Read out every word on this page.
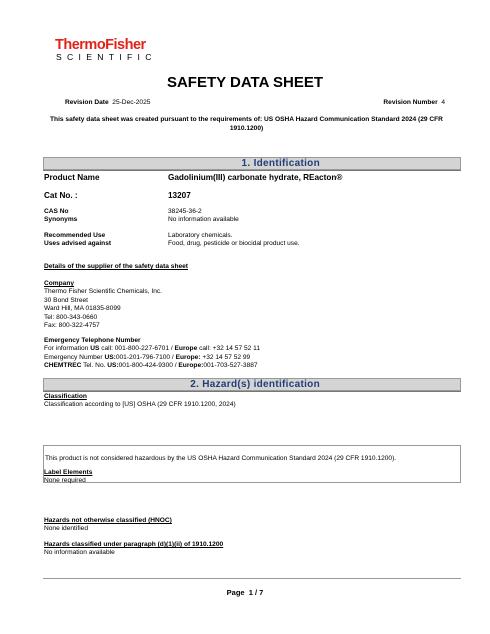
ThermoFisher
SCIENTIFIC
SAFETY DATA SHEET
Revision Date 25-Dec-2025	Revision Number 4
This safety data sheet was created pursuant to the requirements of: US OSHA Hazard Communication Standard 2024 (29 CFR 1910.1200)
1. Identification
Product Name	Gadolinium(III) carbonate hydrate, REacton®
Cat No. :	13207
CAS No	38245-36-2
Synonyms	No information available
Recommended Use	Laboratory chemicals.
Uses advised against	Food, drug, pesticide or biocidal product use.
Details of the supplier of the safety data sheet
Company
Thermo Fisher Scientific Chemicals, Inc.
30 Bond Street
Ward Hill, MA 01835-8099
Tel: 800-343-0660
Fax: 800-322-4757
Emergency Telephone Number
For information US call: 001-800-227-6701 / Europe call: +32 14 57 52 11
Emergency Number US:001-201-796-7100 / Europe: +32 14 57 52 99
CHEMTREC Tel. No. US:001-800-424-9300 / Europe:001-703-527-3887
2. Hazard(s) identification
Classification
Classification according to [US] OSHA (29 CFR 1910.1200, 2024)
This product is not considered hazardous by the US OSHA Hazard Communication Standard 2024 (29 CFR 1910.1200).
Label Elements
None required
Hazards not otherwise classified (HNOC)
None identified
Hazards classified under paragraph (d)(1)(ii) of 1910.1200
No information available
Page 1 / 7
